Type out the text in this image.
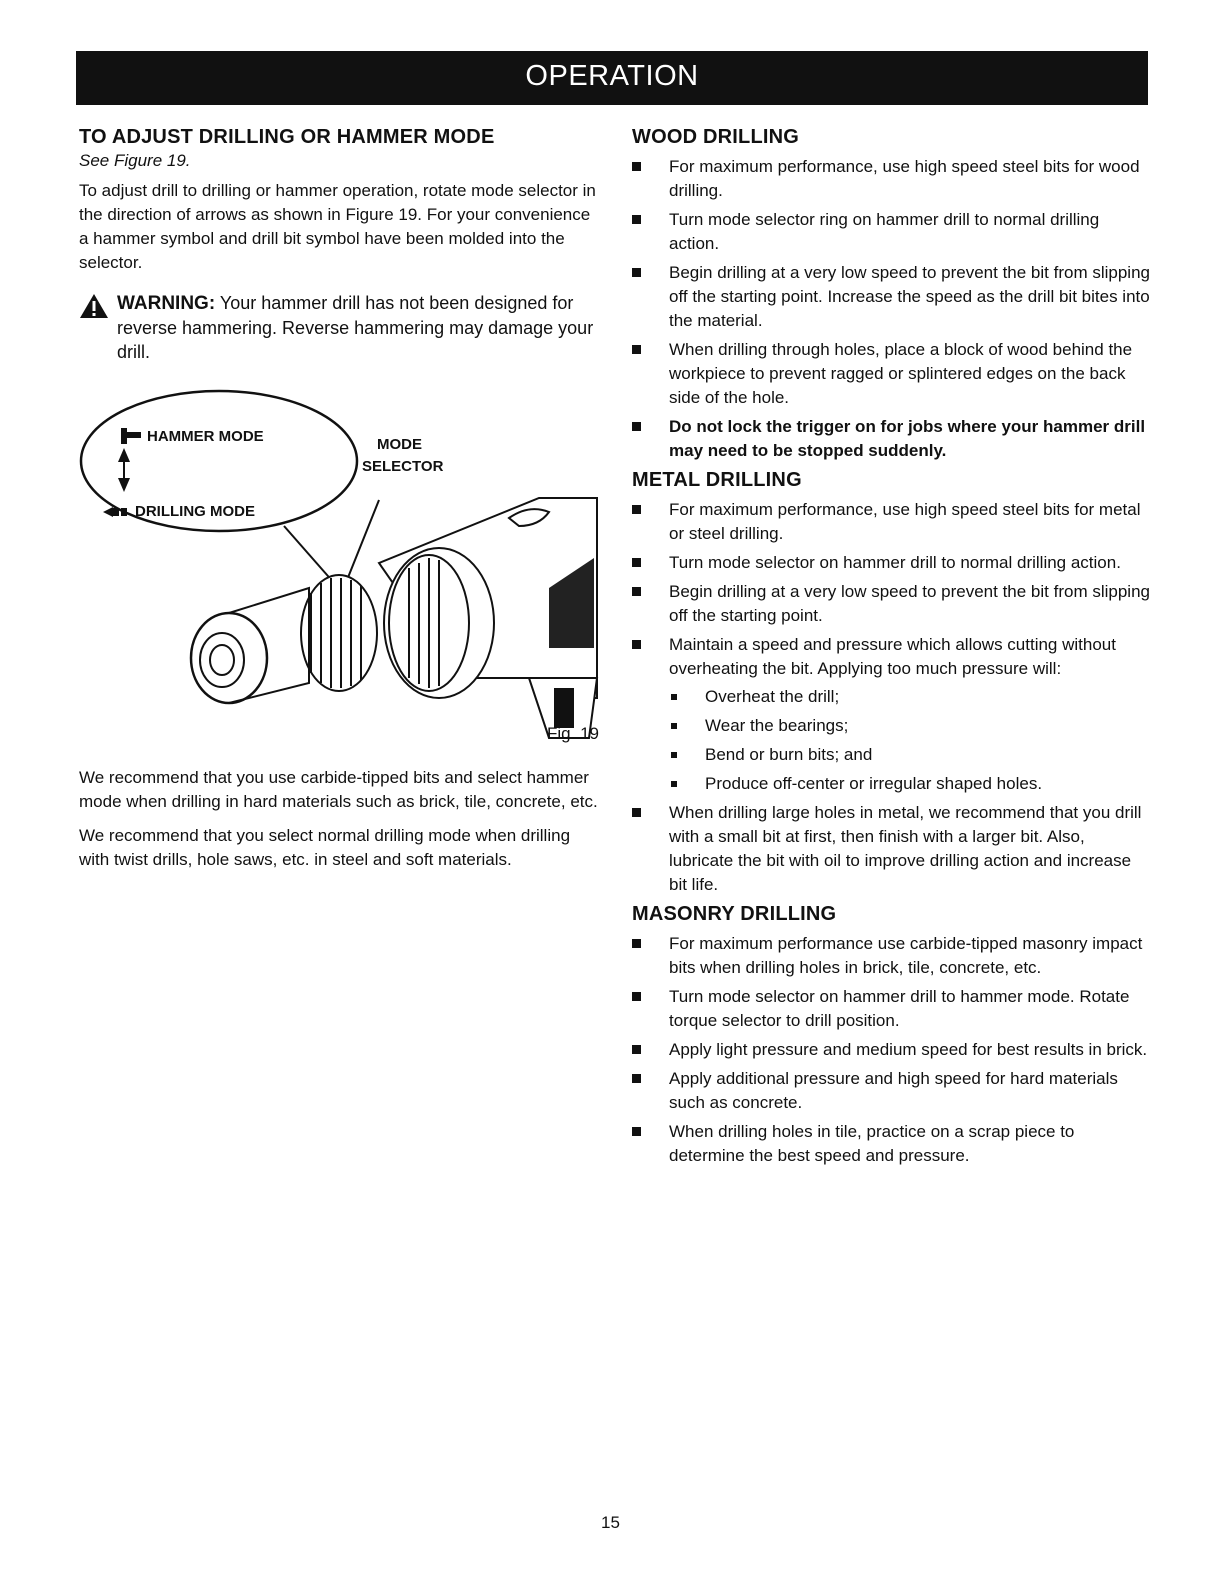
OPERATION
TO ADJUST DRILLING OR HAMMER MODE
See Figure 19.

To adjust drill to drilling or hammer operation, rotate mode selector in the direction of arrows as shown in Figure 19. For your convenience a hammer symbol and drill bit symbol have been molded into the selector.

WARNING: Your hammer drill has not been designed for reverse hammering. Reverse hammering may damage your drill.
HAMMER MODE
DRILLING MODE
MODE
SELECTOR
Fig. 19

We recommend that you use carbide-tipped bits and select hammer mode when drilling in hard materials such as brick, tile, concrete, etc.

We recommend that you select normal drilling mode when drilling with twist drills, hole saws, etc. in steel and soft materials.

WOOD DRILLING
For maximum performance, use high speed steel bits for wood drilling.
Turn mode selector ring on hammer drill to normal drilling action.
Begin drilling at a very low speed to prevent the bit from slipping off the starting point. Increase the speed as the drill bit bites into the material.
When drilling through holes, place a block of wood behind the workpiece to prevent ragged or splintered edges on the back side of the hole.
Do not lock the trigger on for jobs where your hammer drill may need to be stopped suddenly.
METAL DRILLING
For maximum performance, use high speed steel bits for metal or steel drilling.
Turn mode selector on hammer drill to normal drilling action.
Begin drilling at a very low speed to prevent the bit from slipping off the starting point.
Maintain a speed and pressure which allows cutting without overheating the bit. Applying too much pressure will:
Overheat the drill;
Wear the bearings;
Bend or burn bits; and
Produce off-center or irregular shaped holes.
When drilling large holes in metal, we recommend that you drill with a small bit at first, then finish with a larger bit. Also, lubricate the bit with oil to improve drilling action and increase bit life.
MASONRY DRILLING
For maximum performance use carbide-tipped masonry impact bits when drilling holes in brick, tile, concrete, etc.
Turn mode selector on hammer drill to hammer mode. Rotate torque selector to drill position.
Apply light pressure and medium speed for best results in brick.
Apply additional pressure and high speed for hard materials such as concrete.
When drilling holes in tile, practice on a scrap piece to determine the best speed and pressure.
15
